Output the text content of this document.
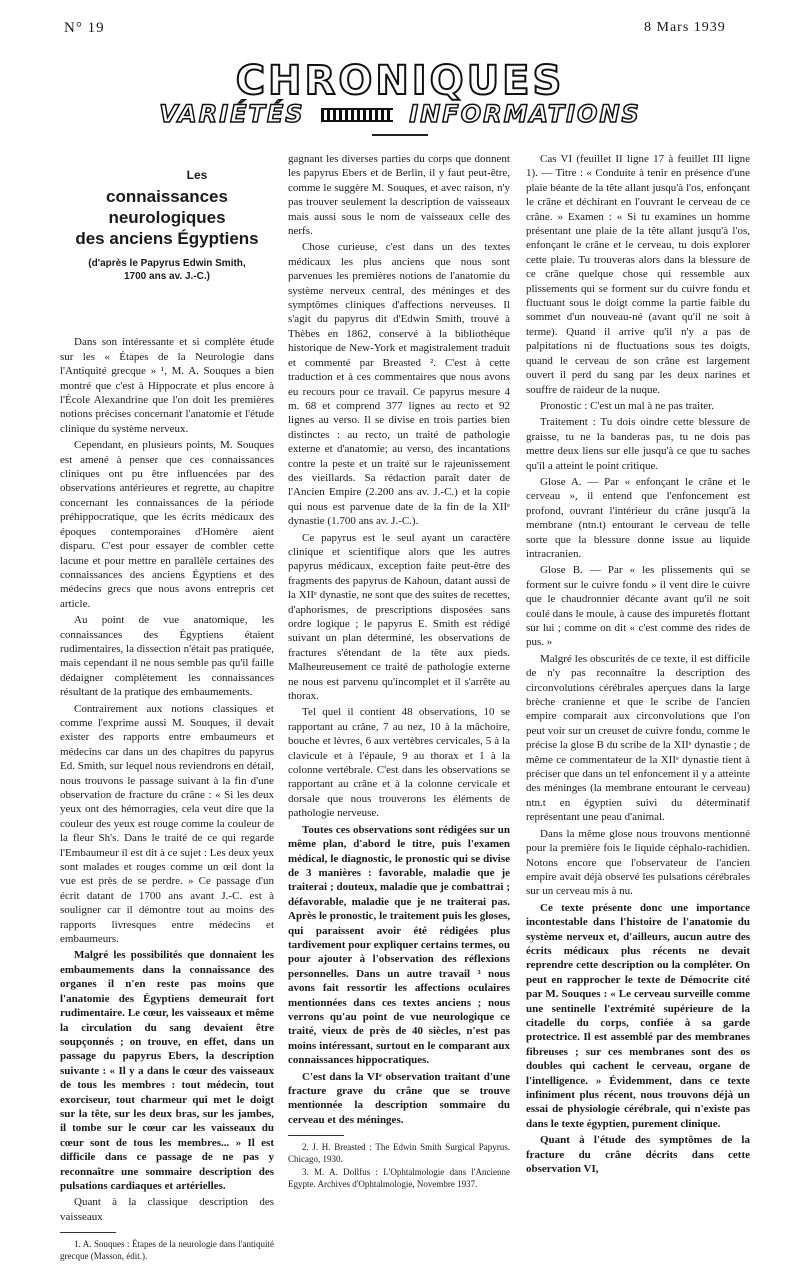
N° 19	8 Mars 1939
CHRONIQUES
VARIÉTÉS	INFORMATIONS
Les
connaissances neurologiques
des anciens Égyptiens
(d'après le Papyrus Edwin Smith,
1700 ans av. J.-C.)

Dans son intéressante et si complète étude sur les « Étapes de la Neurologie dans l'Antiquité grecque » ¹, M. A. Souques a bien montré que c'est à Hippocrate et plus encore à l'École Alexandrine que l'on doit les premières notions précises concernant l'anatomie et l'étude clinique du système nerveux.

Cependant, en plusieurs points, M. Souques est amené à penser que ces connaissances cliniques ont pu être influencées par des observations antérieures et regrette, au chapitre concernant les connaissances de la période préhippocratique, que les écrits médicaux des époques contemporaines d'Homère aient disparu. C'est pour essayer de combler cette lacune et pour mettre en parallèle certaines des connaissances des anciens Égyptiens et des médecins grecs que nous avons entrepris cet article.

Au point de vue anatomique, les connaissances des Égyptiens étaient rudimentaires, la dissection n'était pas pratiquée, mais cependant il ne nous semble pas qu'il faille dédaigner complètement les connaissances résultant de la pratique des embaumements.

Contrairement aux notions classiques et comme l'exprime aussi M. Souques, il devait exister des rapports entre embaumeurs et médecins car dans un des chapitres du papyrus Ed. Smith, sur lequel nous reviendrons en détail, nous trouvons le passage suivant à la fin d'une observation de fracture du crâne : « Si les deux yeux ont des hémorragies, cela veut dire que la couleur des yeux est rouge comme la couleur de la fleur Sh's. Dans le traité de ce qui regarde l'Embaumeur il est dit à ce sujet : Les deux yeux sont malades et rouges comme un œil dont la vue est près de se perdre. » Ce passage d'un écrit datant de 1700 ans avant J.-C. est à souligner car il démontre tout au moins des rapports livresques entre médecins et embaumeurs.

Malgré les possibilités que donnaient les embaumements dans la connaissance des organes il n'en reste pas moins que l'anatomie des Égyptiens demeurait fort rudimentaire. Le cœur, les vaisseaux et même la circulation du sang devaient être soupçonnés ; on trouve, en effet, dans un passage du papyrus Ebers, la description suivante : « Il y a dans le cœur des vaisseaux de tous les membres : tout médecin, tout exorciseur, tout charmeur qui met le doigt sur la tête, sur les deux bras, sur les jambes, il tombe sur le cœur car les vaisseaux du cœur sont de tous les membres... » Il est difficile dans ce passage de ne pas y reconnaître une sommaire description des pulsations cardiaques et artérielles.

Quant à la classique description des vaisseaux

1. A. Souques : Étapes de la neurologie dans l'antiquité grecque (Masson, édit.).

gagnant les diverses parties du corps que donnent les papyrus Ebers et de Berlin, il y faut peut-être, comme le suggère M. Souques, et avec raison, n'y pas trouver seulement la description de vaisseaux mais aussi sous le nom de vaisseaux celle des nerfs.

Chose curieuse, c'est dans un des textes médicaux les plus anciens que nous sont parvenues les premières notions de l'anatomie du système nerveux central, des méninges et des symptômes cliniques d'affections nerveuses. Il s'agit du papyrus dit d'Edwin Smith, trouvé à Thèbes en 1862, conservé à la bibliothèque historique de New-York et magistralement traduit et commenté par Breasted ². C'est à cette traduction et à ces commentaires que nous avons eu recours pour ce travail. Ce papyrus mesure 4 m. 68 et comprend 377 lignes au recto et 92 lignes au verso. Il se divise en trois parties bien distinctes : au recto, un traité de pathologie externe et d'anatomie; au verso, des incantations contre la peste et un traité sur le rajeunissement des vieillards. Sa rédaction paraît dater de l'Ancien Empire (2.200 ans av. J.-C.) et la copie qui nous est parvenue date de la fin de la XIIᵉ dynastie (1.700 ans av. J.-C.).

Ce papyrus est le seul ayant un caractère clinique et scientifique alors que les autres papyrus médicaux, exception faite peut-être des fragments des papyrus de Kahoun, datant aussi de la XIIᵉ dynastie, ne sont que des suites de recettes, d'aphorismes, de prescriptions disposées sans ordre logique ; le papyrus E. Smith est rédigé suivant un plan déterminé, les observations de fractures s'étendant de la tête aux pieds. Malheureusement ce traité de pathologie externe ne nous est parvenu qu'incomplet et il s'arrête au thorax.

Tel quel il contient 48 observations, 10 se rapportant au crâne, 7 au nez, 10 à la mâchoire, bouche et lèvres, 6 aux vertèbres cervicales, 5 à la clavicule et à l'épaule, 9 au thorax et 1 à la colonne vertébrale. C'est dans les observations se rapportant au crâne et à la colonne cervicale et dorsale que nous trouverons les éléments de pathologie nerveuse.

Toutes ces observations sont rédigées sur un même plan, d'abord le titre, puis l'examen médical, le diagnostic, le pronostic qui se divise de 3 manières : favorable, maladie que je traiterai ; douteux, maladie que je combattrai ; défavorable, maladie que je ne traiterai pas. Après le pronostic, le traitement puis les gloses, qui paraissent avoir été rédigées plus tardivement pour expliquer certains termes, ou pour ajouter à l'observation des réflexions personnelles. Dans un autre travail ³ nous avons fait ressortir les affections oculaires mentionnées dans ces textes anciens ; nous verrons qu'au point de vue neurologique ce traité, vieux de près de 40 siècles, n'est pas moins intéressant, surtout en le comparant aux connaissances hippocratiques.

C'est dans la VIᵉ observation traitant d'une fracture grave du crâne que se trouve mentionnée la description sommaire du cerveau et des méninges.

2. J. H. Breasted : The Edwin Smith Surgical Papyrus. Chicago, 1930.

3. M. A. Dollfus : L'Ophtalmologie dans l'Ancienne Egypte. Archives d'Ophtalmologie, Novembre 1937.

Cas VI (feuillet II ligne 17 à feuillet III ligne 1). — Titre : « Conduite à tenir en présence d'une plaie béante de la tête allant jusqu'à l'os, enfonçant le crâne et déchirant en l'ouvrant le cerveau de ce crâne. » Examen : « Si tu examines un homme présentant une plaie de la tête allant jusqu'à l'os, enfonçant le crâne et le cerveau, tu dois explorer cette plaie. Tu trouveras alors dans la blessure de ce crâne quelque chose qui ressemble aux plissements qui se forment sur du cuivre fondu et fluctuant sous le doigt comme la partie faible du sommet d'un nouveau-né (avant qu'il ne soit à terme). Quand il arrive qu'il n'y a pas de palpitations ni de fluctuations sous tes doigts, quand le cerveau de son crâne est largement ouvert il perd du sang par les deux narines et souffre de raideur de la nuque.

Pronostic : C'est un mal à ne pas traiter.

Traitement : Tu dois oindre cette blessure de graisse, tu ne la banderas pas, tu ne dois pas mettre deux liens sur elle jusqu'à ce que tu saches qu'il a atteint le point critique.

Glose A. — Par « enfonçant le crâne et le cerveau », il entend que l'enfoncement est profond, ouvrant l'intérieur du crâne jusqu'à la membrane (ntn.t) entourant le cerveau de telle sorte que la blessure donne issue au liquide intracranien.

Glose B. — Par « les plissements qui se forment sur le cuivre fondu » il vent dire le cuivre que le chaudronnier décante avant qu'il ne soit coulé dans le moule, à cause des impuretés flottant sur lui ; comme on dit « c'est comme des rides de pus. »

Malgré les obscurités de ce texte, il est difficile de n'y pas reconnaître la description des circonvolutions cérébrales aperçues dans la large brèche cranienne et que le scribe de l'ancien empire comparait aux circonvolutions que l'on peut voir sur un creuset de cuivre fondu, comme le précise la glose B du scribe de la XIIᵉ dynastie ; de même ce commentateur de la XIIᵉ dynastie tient à préciser que dans un tel enfoncement il y a atteinte des méninges (la membrane entourant le cerveau) ntn.t en égyptien suivi du déterminatif représentant une peau d'animal.

Dans la même glose nous trouvons mentionné pour la première fois le liquide céphalo-rachidien. Notons encore que l'observateur de l'ancien empire avait déjà observé les pulsations cérébrales sur un cerveau mis à nu.

Ce texte présente donc une importance incontestable dans l'histoire de l'anatomie du système nerveux et, d'ailleurs, aucun autre des écrits médicaux plus récents ne devait reprendre cette description ou la compléter. On peut en rapprocher le texte de Démocrite cité par M. Souques : « Le cerveau surveille comme une sentinelle l'extrémité supérieure de la citadelle du corps, confiée à sa garde protectrice. Il est assemblé par des membranes fibreuses ; sur ces membranes sont des os doubles qui cachent le cerveau, organe de l'intelligence. » Évidemment, dans ce texte infiniment plus récent, nous trouvons déjà un essai de physiologie cérébrale, qui n'existe pas dans le texte égyptien, purement clinique.

Quant à l'étude des symptômes de la fracture du crâne décrits dans cette observation VI,
